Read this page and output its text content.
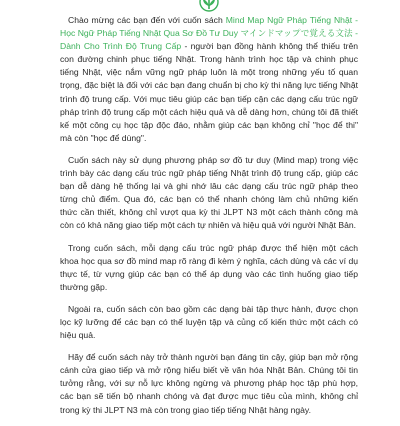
Chào mừng các bạn đến với cuốn sách Mind Map Ngữ Pháp Tiếng Nhật - Học Ngữ Pháp Tiếng Nhật Qua Sơ Đồ Tư Duy マインドマップで覚える文法 -Dành Cho Trình Độ Trung Cấp - người bạn đồng hành không thể thiếu trên con đường chinh phục tiếng Nhật. Trong hành trình học tập và chinh phục tiếng Nhật, việc nắm vững ngữ pháp luôn là một trong những yếu tố quan trọng, đặc biệt là đối với các bạn đang chuẩn bị cho kỳ thi năng lực tiếng Nhật trình độ trung cấp. Với mục tiêu giúp các bạn tiếp cận các dạng cấu trúc ngữ pháp trình độ trung cấp một cách hiệu quả và dễ dàng hơn, chúng tôi đã thiết kế một công cụ học tập độc đáo, nhằm giúp các bạn không chỉ "học để thi" mà còn "học để dùng".

Cuốn sách này sử dụng phương pháp sơ đồ tư duy (Mind map) trong việc trình bày các dạng cấu trúc ngữ pháp tiếng Nhật trình độ trung cấp, giúp các bạn dễ dàng hệ thống lại và ghi nhớ lâu các dạng cấu trúc ngữ pháp theo từng chủ điểm. Qua đó, các bạn có thể nhanh chóng làm chủ những kiến thức cần thiết, không chỉ vượt qua kỳ thi JLPT N3 một cách thành công mà còn có khả năng giao tiếp một cách tự nhiên và hiệu quả với người Nhật Bản.

Trong cuốn sách, mỗi dạng cấu trúc ngữ pháp được thể hiện một cách khoa học qua sơ đồ mind map rõ ràng đi kèm ý nghĩa, cách dùng và các ví dụ thực tế, từ vựng giúp các bạn có thể áp dụng vào các tình huống giao tiếp thường gặp.

Ngoài ra, cuốn sách còn bao gồm các dạng bài tập thực hành, được chọn lọc kỹ lưỡng để các bạn có thể luyện tập và củng cố kiến thức một cách có hiệu quả.

Hãy để cuốn sách này trở thành người bạn đáng tin cậy, giúp bạn mở rộng cánh cửa giao tiếp và mở rộng hiểu biết về văn hóa Nhật Bản. Chúng tôi tin tưởng rằng, với sự nỗ lực không ngừng và phương pháp học tập phù hợp, các bạn sẽ tiến bộ nhanh chóng và đạt được mục tiêu của mình, không chỉ trong kỳ thi JLPT N3 mà còn trong giao tiếp tiếng Nhật hàng ngày.
